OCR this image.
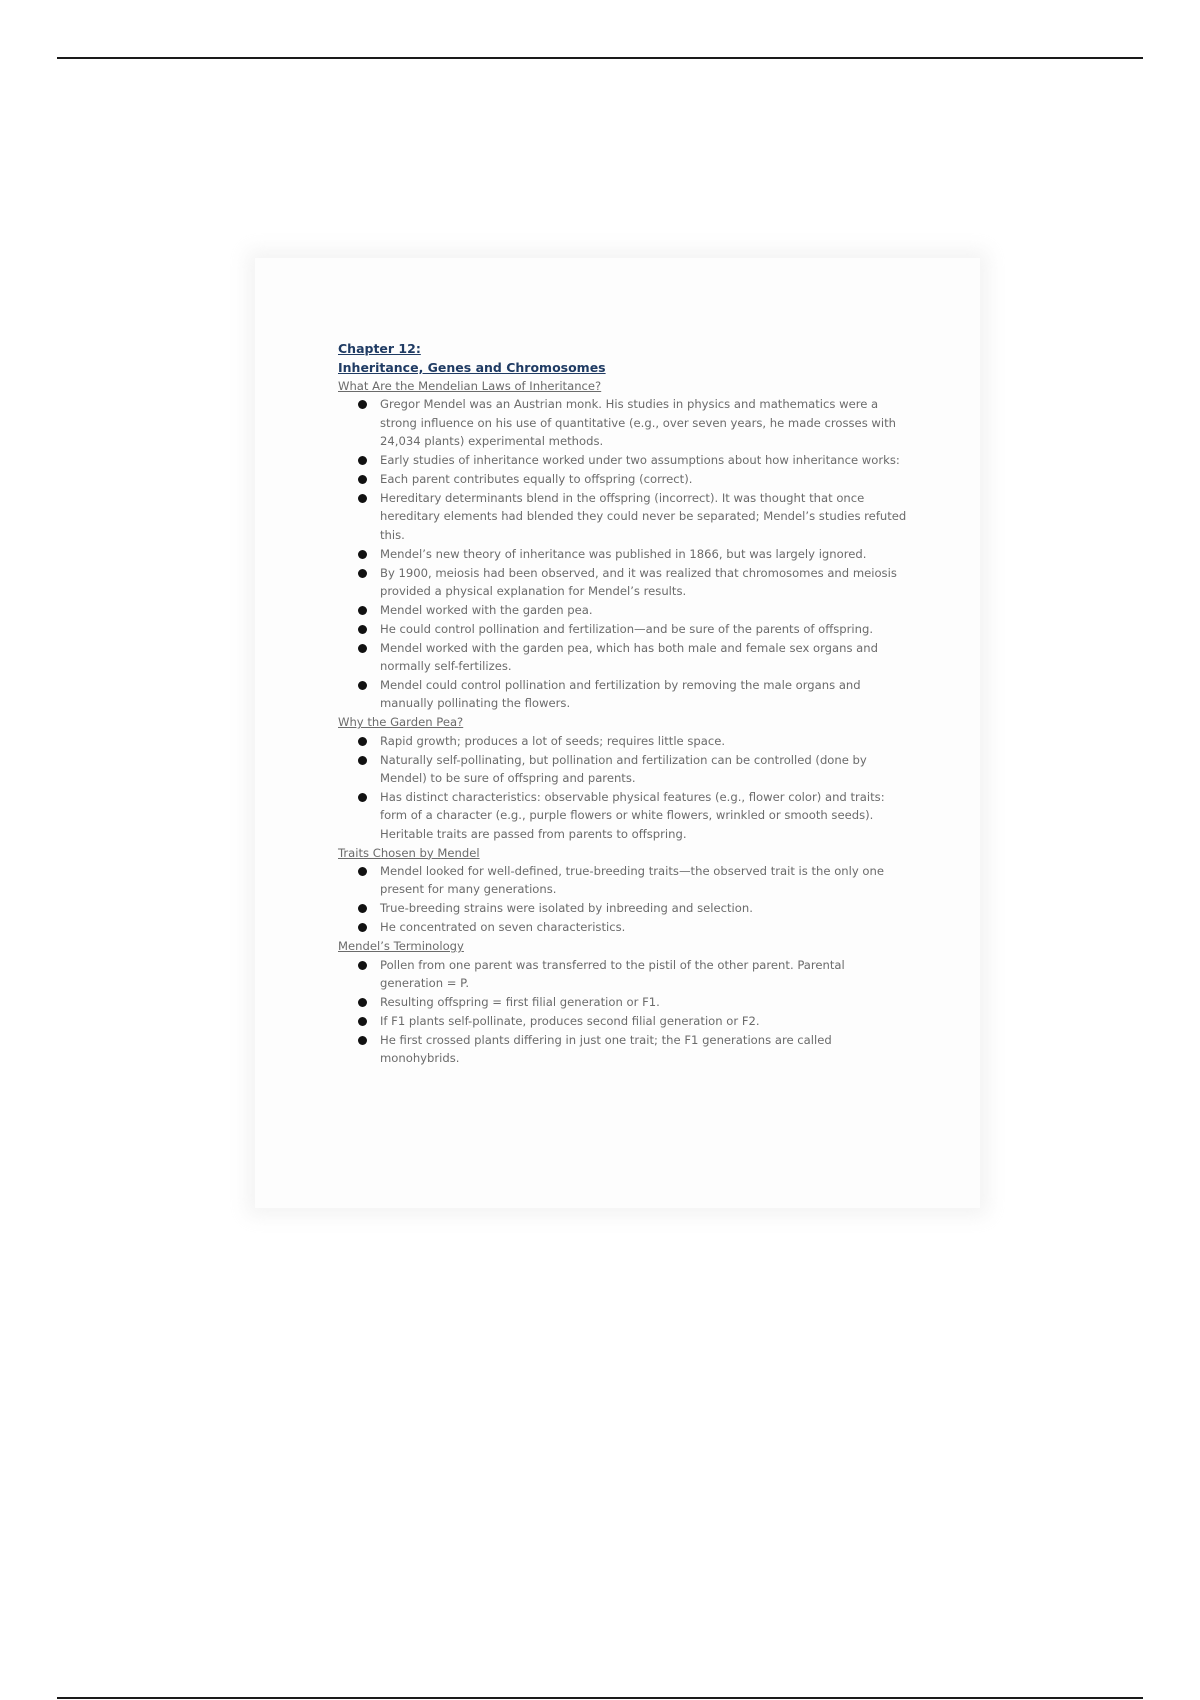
Chapter 12:

Inheritance, Genes and Chromosomes

What Are the Mendelian Laws of Inheritance?

Gregor Mendel was an Austrian monk. His studies in physics and mathematics were a strong influence on his use of quantitative (e.g., over seven years, he made crosses with 24,034 plants) experimental methods.
Early studies of inheritance worked under two assumptions about how inheritance works:
Each parent contributes equally to offspring (correct).
Hereditary determinants blend in the offspring (incorrect). It was thought that once hereditary elements had blended they could never be separated; Mendel’s studies refuted this.
Mendel’s new theory of inheritance was published in 1866, but was largely ignored.
By 1900, meiosis had been observed, and it was realized that chromosomes and meiosis provided a physical explanation for Mendel’s results.
Mendel worked with the garden pea.
He could control pollination and fertilization—and be sure of the parents of offspring.
Mendel worked with the garden pea, which has both male and female sex organs and normally self-fertilizes.
Mendel could control pollination and fertilization by removing the male organs and manually pollinating the flowers.

Why the Garden Pea?

Rapid growth; produces a lot of seeds; requires little space.
Naturally self-pollinating, but pollination and fertilization can be controlled (done by Mendel) to be sure of offspring and parents.
Has distinct characteristics: observable physical features (e.g., flower color) and traits: form of a character (e.g., purple flowers or white flowers, wrinkled or smooth seeds). Heritable traits are passed from parents to offspring.

Traits Chosen by Mendel

Mendel looked for well-defined, true-breeding traits—the observed trait is the only one present for many generations.
True-breeding strains were isolated by inbreeding and selection.
He concentrated on seven characteristics.

Mendel’s Terminology

Pollen from one parent was transferred to the pistil of the other parent. Parental generation = P.
Resulting offspring = first filial generation or F1.
If F1 plants self-pollinate, produces second filial generation or F2.
He first crossed plants differing in just one trait; the F1 generations are called monohybrids.
